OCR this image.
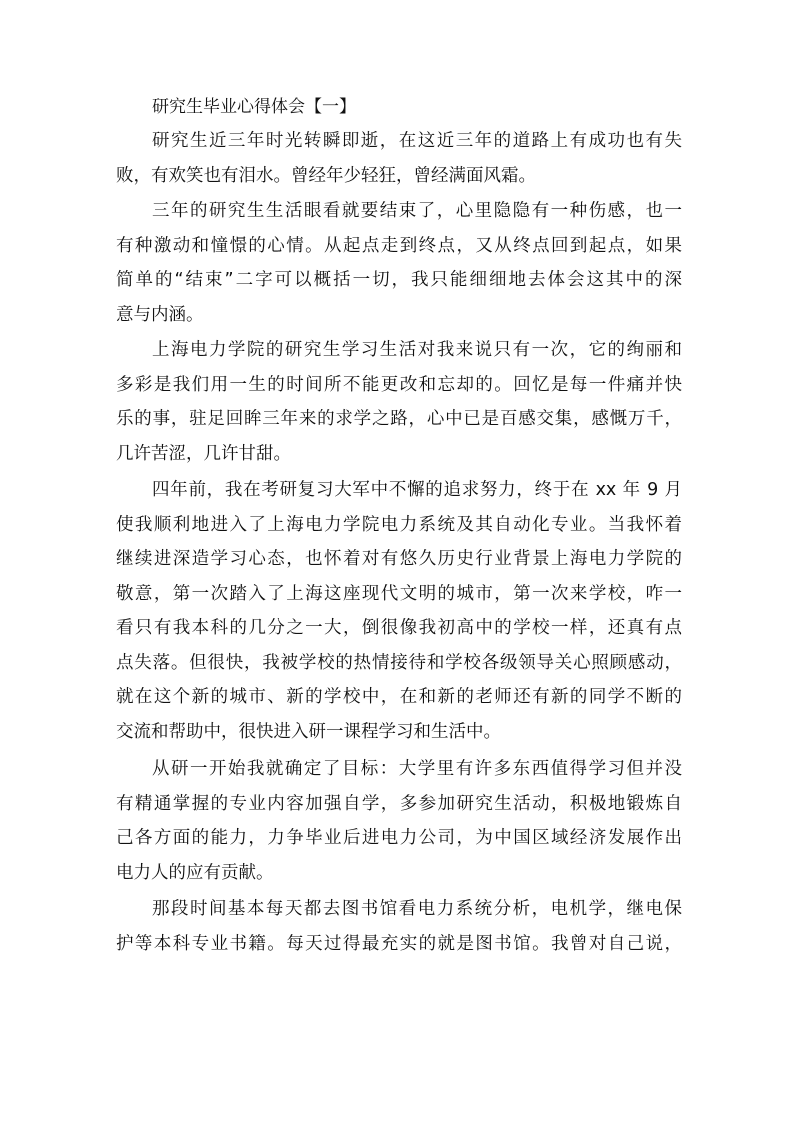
研究生毕业心得体会【一】
研究生近三年时光转瞬即逝，在这近三年的道路上有成功也有失
败，有欢笑也有泪水。曾经年少轻狂，曾经满面风霜。
三年的研究生生活眼看就要结束了，心里隐隐有一种伤感，也一
有种激动和憧憬的心情。从起点走到终点，又从终点回到起点，如果
简单的“结束”二字可以概括一切，我只能细细地去体会这其中的深
意与内涵。
上海电力学院的研究生学习生活对我来说只有一次，它的绚丽和
多彩是我们用一生的时间所不能更改和忘却的。回忆是每一件痛并快
乐的事，驻足回眸三年来的求学之路，心中已是百感交集，感慨万千，
几许苦涩，几许甘甜。
四年前，我在考研复习大军中不懈的追求努力，终于在 xx 年 9 月
使我顺利地进入了上海电力学院电力系统及其自动化专业。当我怀着
继续进深造学习心态，也怀着对有悠久历史行业背景上海电力学院的
敬意，第一次踏入了上海这座现代文明的城市，第一次来学校，咋一
看只有我本科的几分之一大，倒很像我初高中的学校一样，还真有点
点失落。但很快，我被学校的热情接待和学校各级领导关心照顾感动，
就在这个新的城市、新的学校中，在和新的老师还有新的同学不断的
交流和帮助中，很快进入研一课程学习和生活中。
从研一开始我就确定了目标：大学里有许多东西值得学习但并没
有精通掌握的专业内容加强自学，多参加研究生活动，积极地锻炼自
己各方面的能力，力争毕业后进电力公司，为中国区域经济发展作出
电力人的应有贡献。
那段时间基本每天都去图书馆看电力系统分析，电机学，继电保
护等本科专业书籍。每天过得最充实的就是图书馆。我曾对自己说，
